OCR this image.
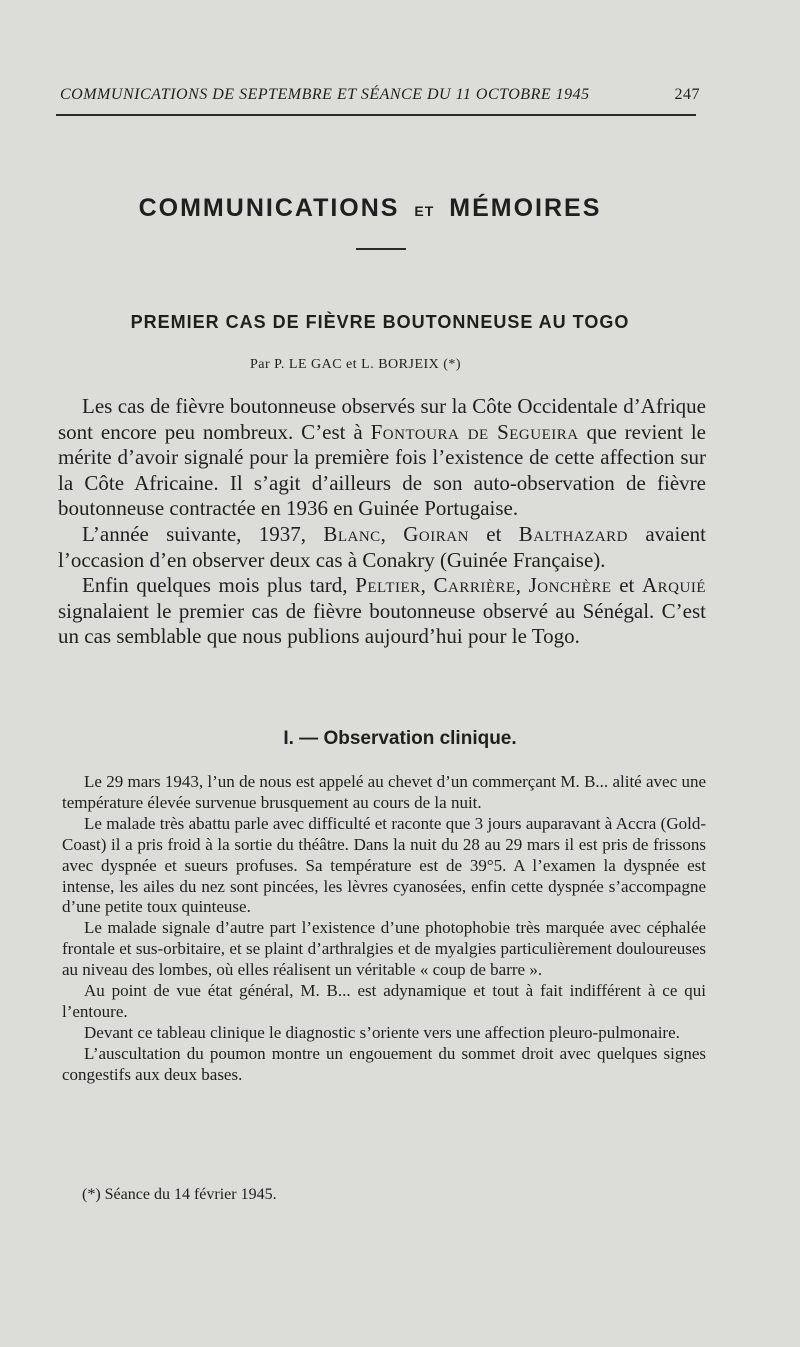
COMMUNICATIONS DE SEPTEMBRE ET SÉANCE DU 11 OCTOBRE 1945	247
COMMUNICATIONS ET MÉMOIRES
PREMIER CAS DE FIÈVRE BOUTONNEUSE AU TOGO
Par P. LE GAC et L. BORJEIX (*)

Les cas de fièvre boutonneuse observés sur la Côte Occidentale d’Afrique sont encore peu nombreux. C’est à Fontoura de Segueira que revient le mérite d’avoir signalé pour la première fois l’existence de cette affection sur la Côte Africaine. Il s’agit d’ailleurs de son auto-observation de fièvre boutonneuse contractée en 1936 en Guinée Portugaise.

L’année suivante, 1937, Blanc, Goiran et Balthazard avaient l’occasion d’en observer deux cas à Conakry (Guinée Française).

Enfin quelques mois plus tard, Peltier, Carrière, Jonchère et Arquié signalaient le premier cas de fièvre boutonneuse observé au Sénégal. C’est un cas semblable que nous publions aujourd’hui pour le Togo.

I. — Observation clinique.

Le 29 mars 1943, l’un de nous est appelé au chevet d’un commerçant M. B... alité avec une température élevée survenue brusquement au cours de la nuit.

Le malade très abattu parle avec difficulté et raconte que 3 jours auparavant à Accra (Gold-Coast) il a pris froid à la sortie du théâtre. Dans la nuit du 28 au 29 mars il est pris de frissons avec dyspnée et sueurs profuses. Sa température est de 39°5. A l’examen la dyspnée est intense, les ailes du nez sont pincées, les lèvres cyanosées, enfin cette dyspnée s’accompagne d’une petite toux quinteuse.

Le malade signale d’autre part l’existence d’une photophobie très marquée avec céphalée frontale et sus-orbitaire, et se plaint d’arthralgies et de myalgies particulièrement douloureuses au niveau des lombes, où elles réalisent un véritable « coup de barre ».

Au point de vue état général, M. B... est adynamique et tout à fait indifférent à ce qui l’entoure.

Devant ce tableau clinique le diagnostic s’oriente vers une affection pleuro-pulmonaire.

L’auscultation du poumon montre un engouement du sommet droit avec quelques signes congestifs aux deux bases.

(*) Séance du 14 février 1945.
